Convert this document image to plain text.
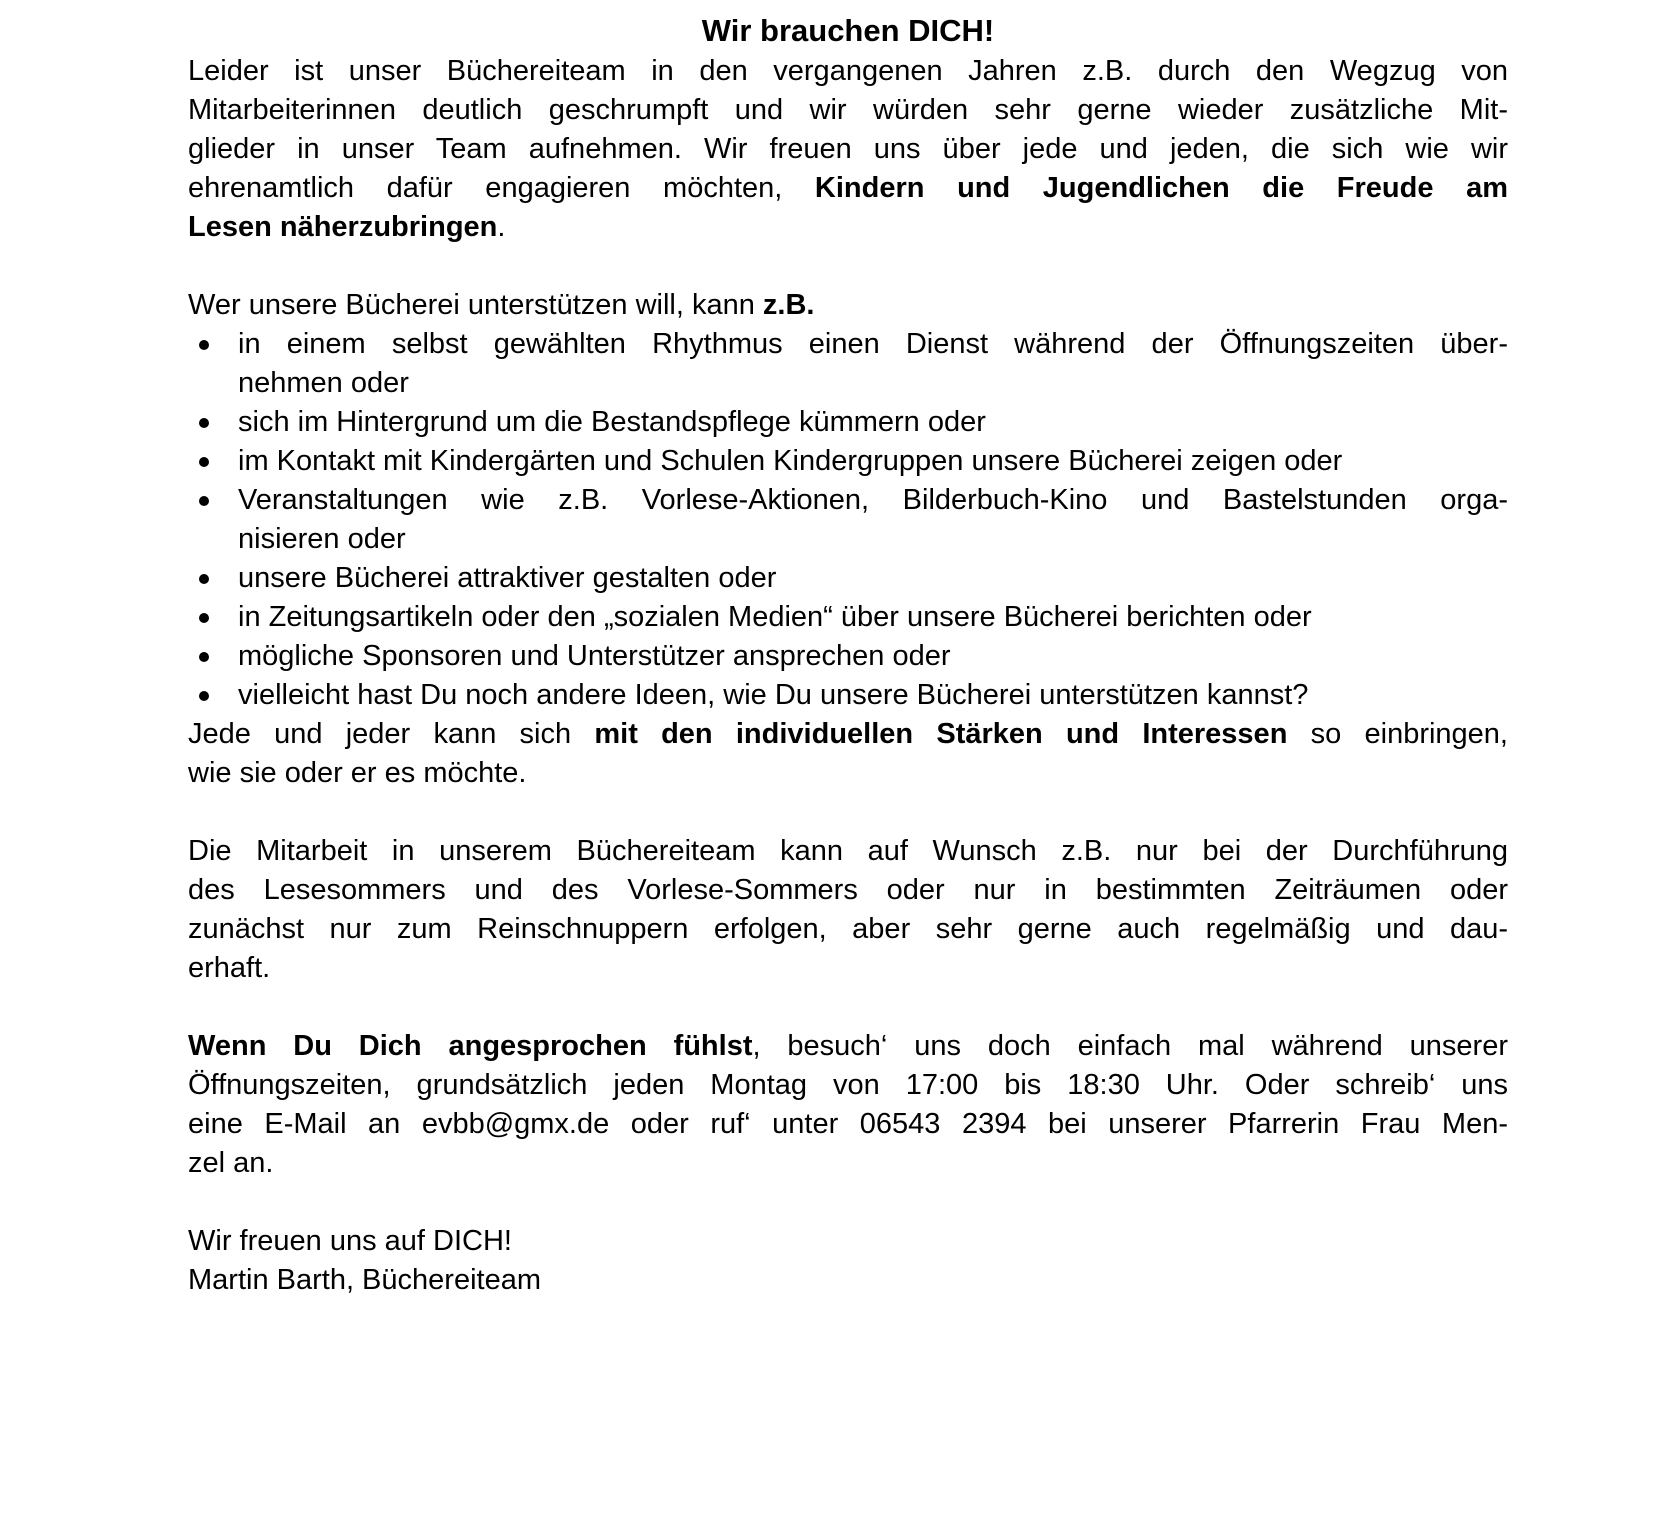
Wir brauchen DICH!
Leider ist unser Büchereiteam in den vergangenen Jahren z.B. durch den Wegzug von
Mitarbeiterinnen deutlich geschrumpft und wir würden sehr gerne wieder zusätzliche Mit-
glieder in unser Team aufnehmen. Wir freuen uns über jede und jeden, die sich wie wir
ehrenamtlich dafür engagieren möchten, Kindern und Jugendlichen die Freude am
Lesen näherzubringen.
Wer unsere Bücherei unterstützen will, kann z.B.
in einem selbst gewählten Rhythmus einen Dienst während der Öffnungszeiten über-
nehmen oder
sich im Hintergrund um die Bestandspflege kümmern oder
im Kontakt mit Kindergärten und Schulen Kindergruppen unsere Bücherei zeigen oder
Veranstaltungen wie z.B. Vorlese-Aktionen, Bilderbuch-Kino und Bastelstunden orga-
nisieren oder
unsere Bücherei attraktiver gestalten oder
in Zeitungsartikeln oder den „sozialen Medien“ über unsere Bücherei berichten oder
mögliche Sponsoren und Unterstützer ansprechen oder
vielleicht hast Du noch andere Ideen, wie Du unsere Bücherei unterstützen kannst?
Jede und jeder kann sich mit den individuellen Stärken und Interessen so einbringen,
wie sie oder er es möchte.
Die Mitarbeit in unserem Büchereiteam kann auf Wunsch z.B. nur bei der Durchführung
des Lesesommers und des Vorlese-Sommers oder nur in bestimmten Zeiträumen oder
zunächst nur zum Reinschnuppern erfolgen, aber sehr gerne auch regelmäßig und dau-
erhaft.
Wenn Du Dich angesprochen fühlst, besuch‘ uns doch einfach mal während unserer
Öffnungszeiten, grundsätzlich jeden Montag von 17:00 bis 18:30 Uhr. Oder schreib‘ uns
eine E-Mail an evbb@gmx.de oder ruf‘ unter 06543 2394 bei unserer Pfarrerin Frau Men-
zel an.
Wir freuen uns auf DICH!
Martin Barth, Büchereiteam
